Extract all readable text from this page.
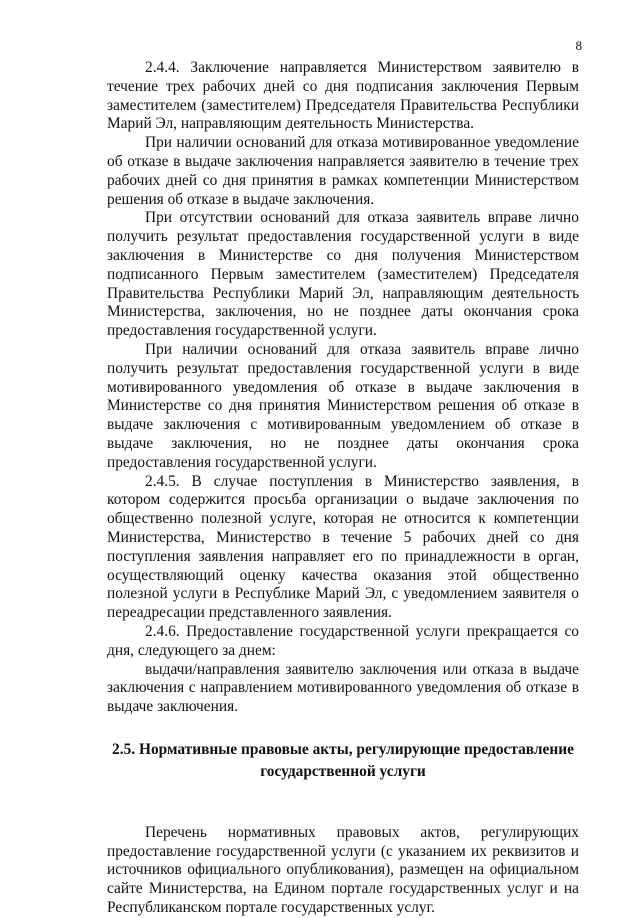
8

2.4.4. Заключение направляется Министерством заявителю в течение трех рабочих дней со дня подписания заключения Первым заместителем (заместителем) Председателя Правительства Республики Марий Эл, направляющим деятельность Министерства.

При наличии оснований для отказа мотивированное уведомление об отказе в выдаче заключения направляется заявителю в течение трех рабочих дней со дня принятия в рамках компетенции Министерством решения об отказе в выдаче заключения.

При отсутствии оснований для отказа заявитель вправе лично получить результат предоставления государственной услуги в виде заключения в Министерстве со дня получения Министерством подписанного Первым заместителем (заместителем) Председателя Правительства Республики Марий Эл, направляющим деятельность Министерства, заключения, но не позднее даты окончания срока предоставления государственной услуги.

При наличии оснований для отказа заявитель вправе лично получить результат предоставления государственной услуги в виде мотивированного уведомления об отказе в выдаче заключения в Министерстве со дня принятия Министерством решения об отказе в выдаче заключения с мотивированным уведомлением об отказе в выдаче заключения, но не позднее даты окончания срока предоставления государственной услуги.

2.4.5. В случае поступления в Министерство заявления, в котором содержится просьба организации о выдаче заключения по общественно полезной услуге, которая не относится к компетенции Министерства, Министерство в течение 5 рабочих дней со дня поступления заявления направляет его по принадлежности в орган, осуществляющий оценку качества оказания этой общественно полезной услуги в Республике Марий Эл, с уведомлением заявителя о переадресации представленного заявления.

2.4.6. Предоставление государственной услуги прекращается со дня, следующего за днем:

выдачи/направления заявителю заключения или отказа в выдаче заключения с направлением мотивированного уведомления об отказе в выдаче заключения.

2.5. Нормативные правовые акты, регулирующие предоставление
государственной услуги

Перечень нормативных правовых актов, регулирующих предоставление государственной услуги (с указанием их реквизитов и источников официального опубликования), размещен на официальном сайте Министерства, на Едином портале государственных услуг и на Республиканском портале государственных услуг.
